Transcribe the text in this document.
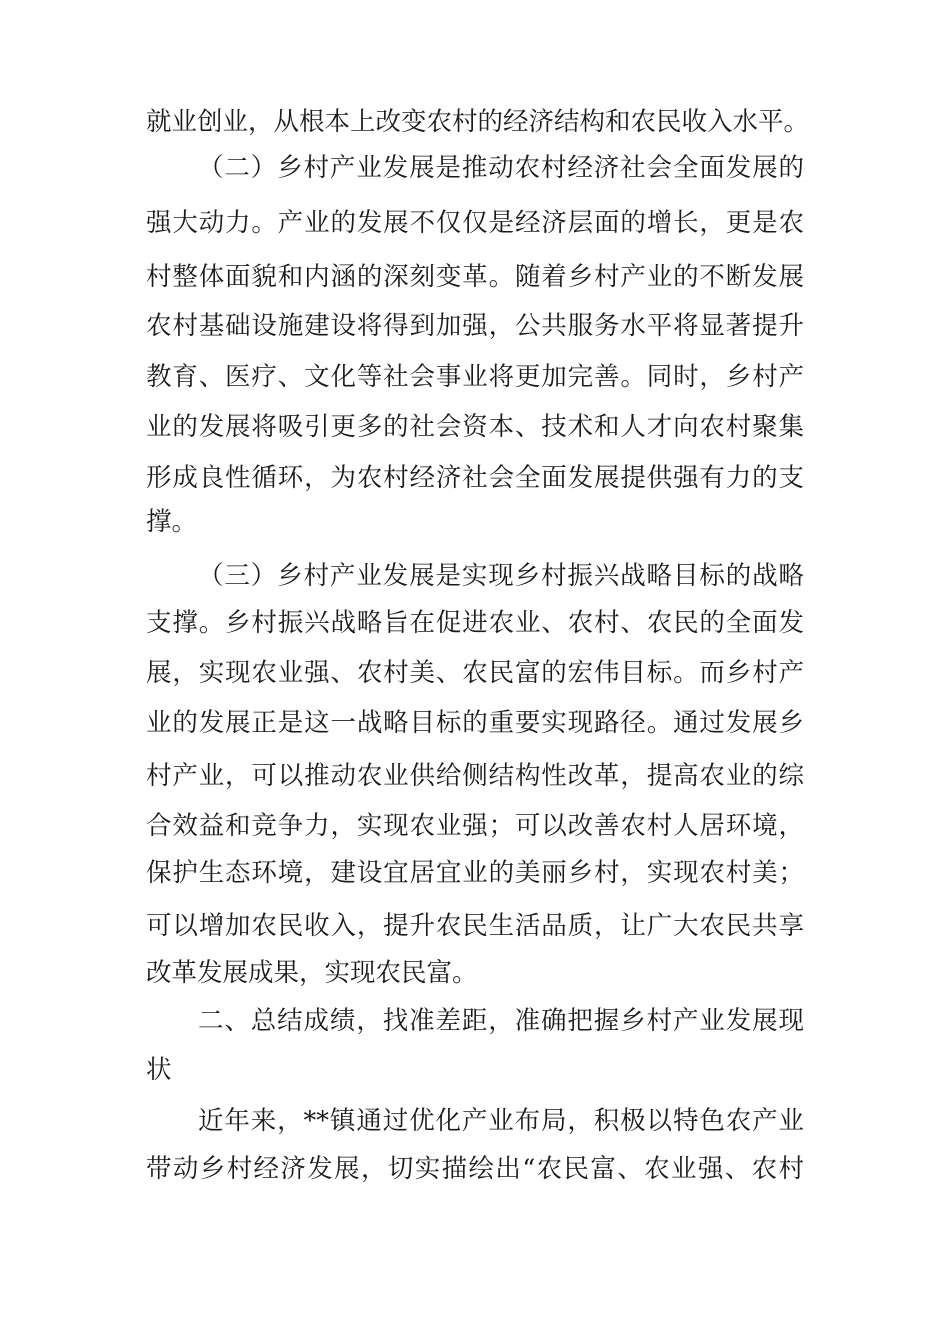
就业创业，从根本上改变农村的经济结构和农民收入水平。
（二）乡村产业发展是推动农村经济社会全面发展的
强大动力。产业的发展不仅仅是经济层面的增长，更是农
村整体面貌和内涵的深刻变革。随着乡村产业的不断发展
农村基础设施建设将得到加强，公共服务水平将显著提升
教育、医疗、文化等社会事业将更加完善。同时，乡村产
业的发展将吸引更多的社会资本、技术和人才向农村聚集
形成良性循环，为农村经济社会全面发展提供强有力的支
撑。
（三）乡村产业发展是实现乡村振兴战略目标的战略
支撑。乡村振兴战略旨在促进农业、农村、农民的全面发
展，实现农业强、农村美、农民富的宏伟目标。而乡村产
业的发展正是这一战略目标的重要实现路径。通过发展乡
村产业，可以推动农业供给侧结构性改革，提高农业的综
合效益和竞争力，实现农业强；可以改善农村人居环境，
保护生态环境，建设宜居宜业的美丽乡村，实现农村美；
可以增加农民收入，提升农民生活品质，让广大农民共享
改革发展成果，实现农民富。
二、总结成绩，找准差距，准确把握乡村产业发展现
状
近年来，**镇通过优化产业布局，积极以特色农产业
带动乡村经济发展，切实描绘出“农民富、农业强、农村
